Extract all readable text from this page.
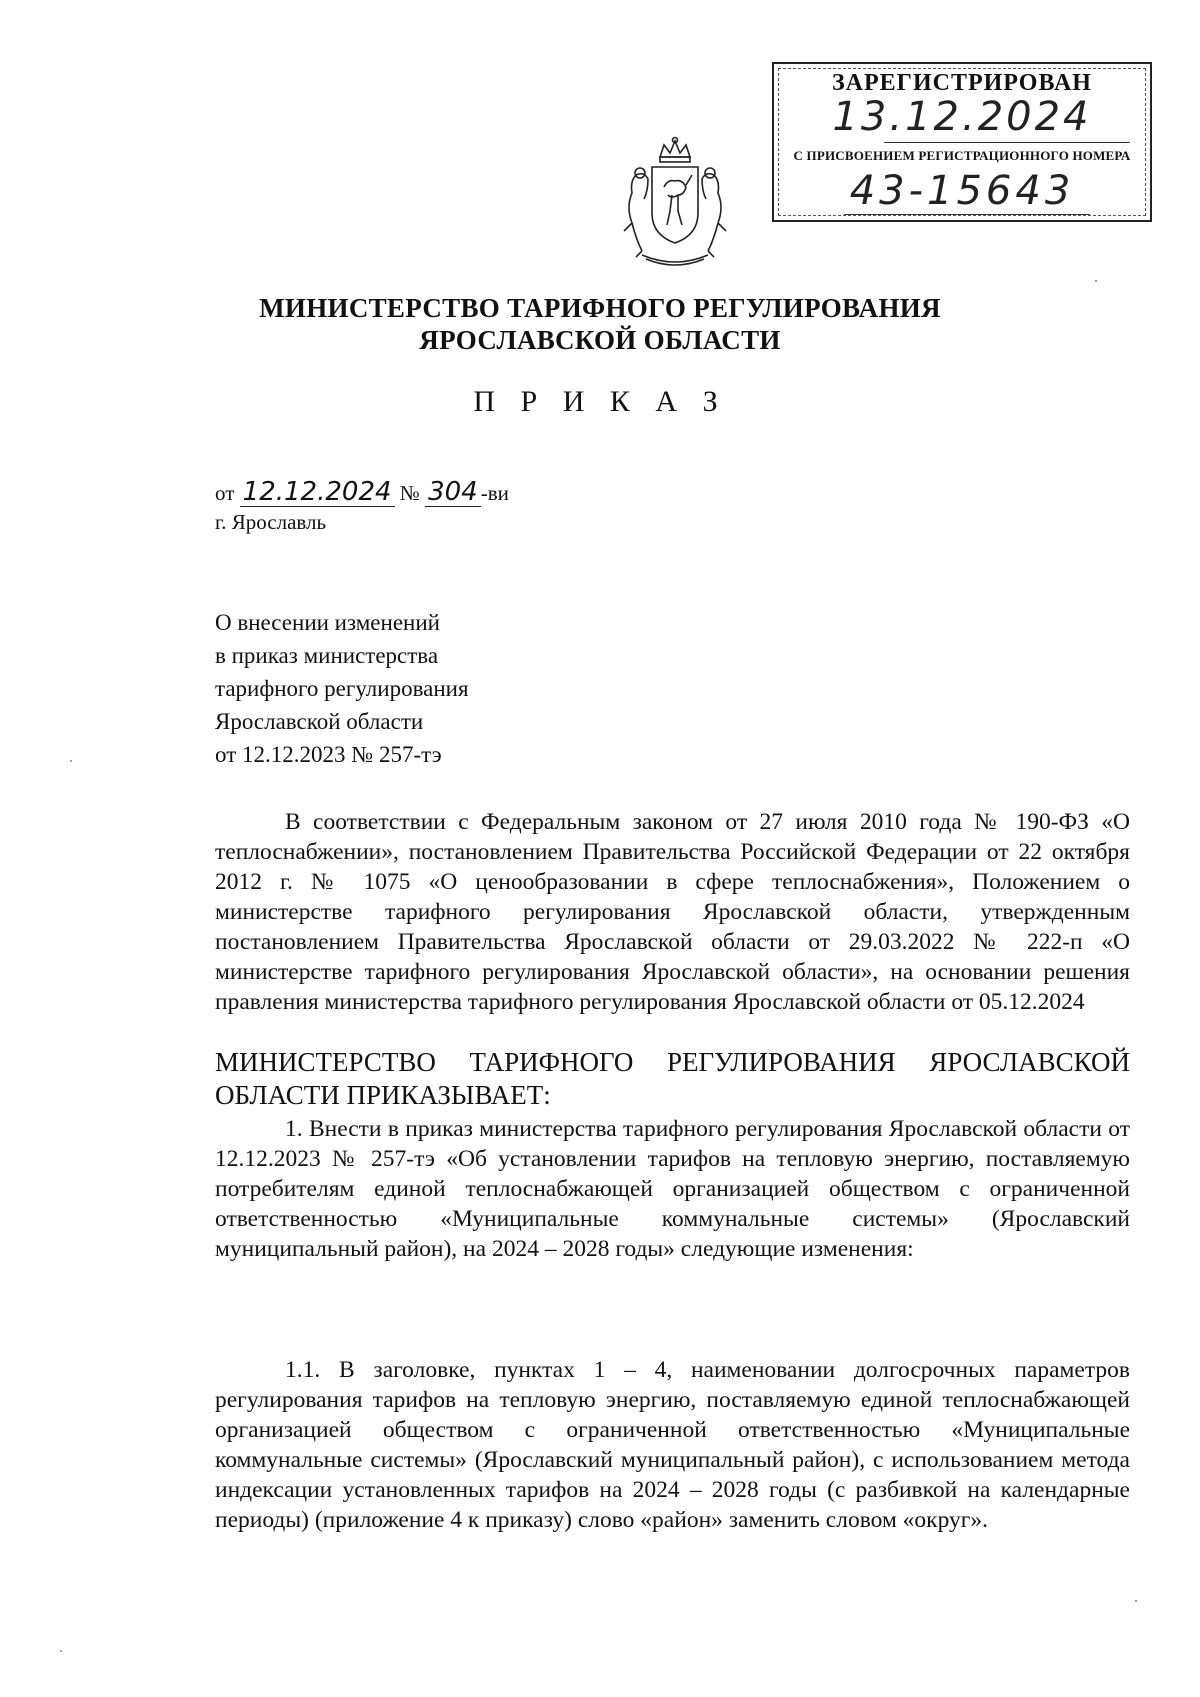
ЗАРЕГИСТРИРОВАН
13.12.2024
С ПРИСВОЕНИЕМ РЕГИСТРАЦИОННОГО НОМЕРА
43-15643
МИНИСТЕРСТВО ТАРИФНОГО РЕГУЛИРОВАНИЯ
ЯРОСЛАВСКОЙ ОБЛАСТИ
П Р И К А З
от 12.12.2024 № 304 -ви
г. Ярославль
О внесении изменений
в приказ министерства
тарифного регулирования
Ярославской области
от 12.12.2023 № 257-тэ
В соответствии с Федеральным законом от 27 июля 2010 года № 190-ФЗ «О теплоснабжении», постановлением Правительства Российской Федерации от 22 октября 2012 г. № 1075 «О ценообразовании в сфере теплоснабжения», Положением о министерстве тарифного регулирования Ярославской области, утвержденным постановлением Правительства Ярославской области от 29.03.2022 № 222-п «О министерстве тарифного регулирования Ярославской области», на основании решения правления министерства тарифного регулирования Ярославской области от 05.12.2024
МИНИСТЕРСТВО ТАРИФНОГО РЕГУЛИРОВАНИЯ ЯРОСЛАВСКОЙ ОБЛАСТИ ПРИКАЗЫВАЕТ:
1. Внести в приказ министерства тарифного регулирования Ярославской области от 12.12.2023 № 257-тэ «Об установлении тарифов на тепловую энергию, поставляемую потребителям единой теплоснабжающей организацией обществом с ограниченной ответственностью «Муниципальные коммунальные системы» (Ярославский муниципальный район), на 2024 – 2028 годы» следующие изменения:
1.1. В заголовке, пунктах 1 – 4, наименовании долгосрочных параметров регулирования тарифов на тепловую энергию, поставляемую единой теплоснабжающей организацией обществом с ограниченной ответственностью «Муниципальные коммунальные системы» (Ярославский муниципальный район), с использованием метода индексации установленных тарифов на 2024 – 2028 годы (с разбивкой на календарные периоды) (приложение 4 к приказу) слово «район» заменить словом «округ».
